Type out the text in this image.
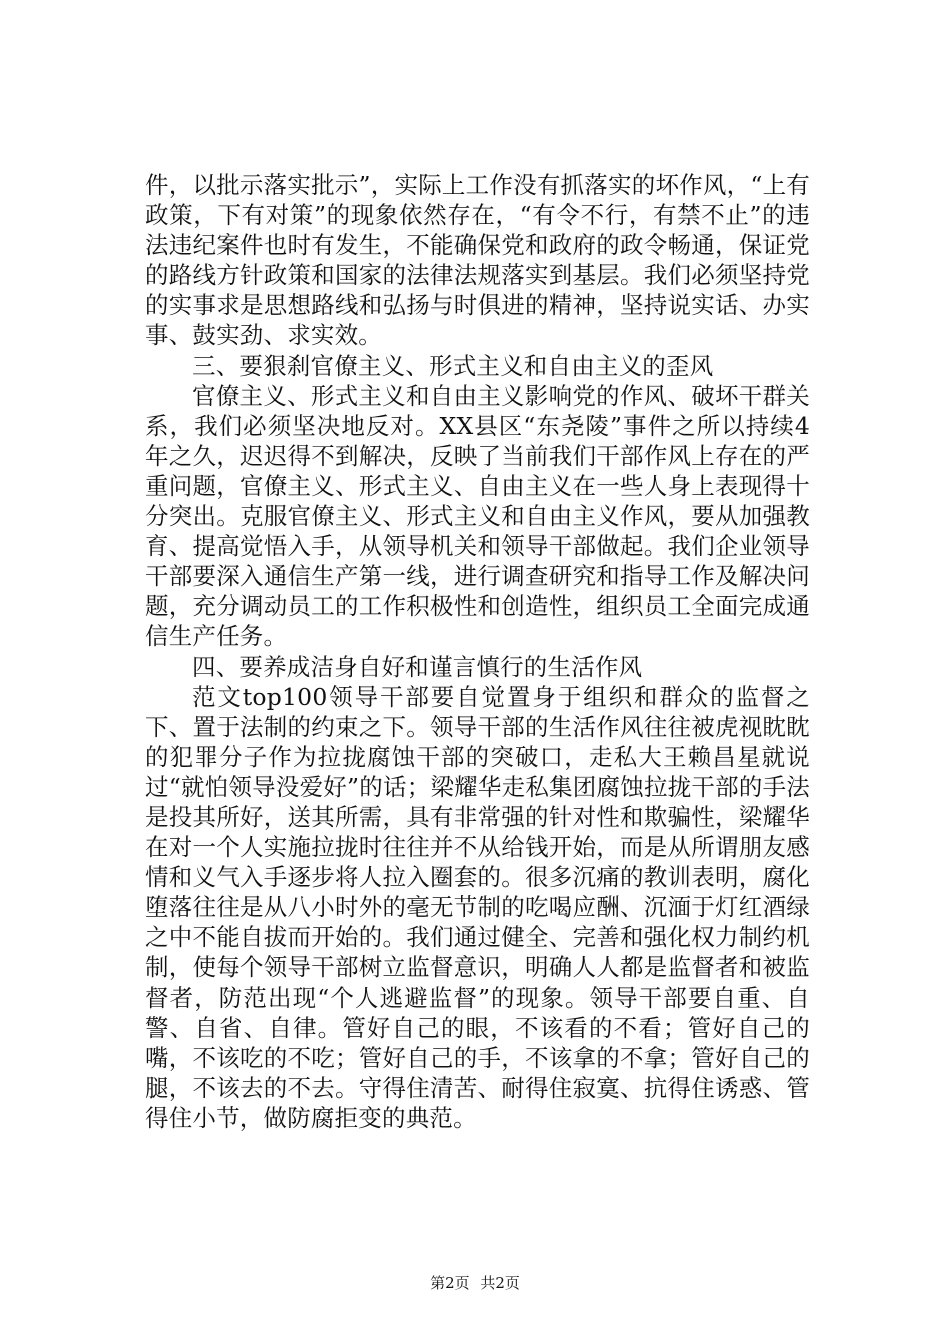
件，以批示落实批示”，实际上工作没有抓落实的坏作风，“上有政策，下有对策”的现象依然存在，“有令不行，有禁不止”的违法违纪案件也时有发生，不能确保党和政府的政令畅通，保证党的路线方针政策和国家的法律法规落实到基层。我们必须坚持党的实事求是思想路线和弘扬与时俱进的精神，坚持说实话、办实事、鼓实劲、求实效。

三、要狠刹官僚主义、形式主义和自由主义的歪风

官僚主义、形式主义和自由主义影响党的作风、破坏干群关系，我们必须坚决地反对。XX县区“东尧陵”事件之所以持续4年之久，迟迟得不到解决，反映了当前我们干部作风上存在的严重问题，官僚主义、形式主义、自由主义在一些人身上表现得十分突出。克服官僚主义、形式主义和自由主义作风，要从加强教育、提高觉悟入手，从领导机关和领导干部做起。我们企业领导干部要深入通信生产第一线，进行调查研究和指导工作及解决问题，充分调动员工的工作积极性和创造性，组织员工全面完成通信生产任务。

四、要养成洁身自好和谨言慎行的生活作风

范文top100领导干部要自觉置身于组织和群众的监督之下、置于法制的约束之下。领导干部的生活作风往往被虎视眈眈的犯罪分子作为拉拢腐蚀干部的突破口，走私大王赖昌星就说过“就怕领导没爱好”的话；梁耀华走私集团腐蚀拉拢干部的手法是投其所好，送其所需，具有非常强的针对性和欺骗性，梁耀华在对一个人实施拉拢时往往并不从给钱开始，而是从所谓朋友感情和义气入手逐步将人拉入圈套的。很多沉痛的教训表明，腐化堕落往往是从八小时外的毫无节制的吃喝应酬、沉湎于灯红酒绿之中不能自拔而开始的。我们通过健全、完善和强化权力制约机制，使每个领导干部树立监督意识，明确人人都是监督者和被监督者，防范出现“个人逃避监督”的现象。领导干部要自重、自警、自省、自律。管好自己的眼，不该看的不看；管好自己的嘴，不该吃的不吃；管好自己的手，不该拿的不拿；管好自己的腿，不该去的不去。守得住清苦、耐得住寂寞、抗得住诱惑、管得住小节，做防腐拒变的典范。

第2页 共2页
